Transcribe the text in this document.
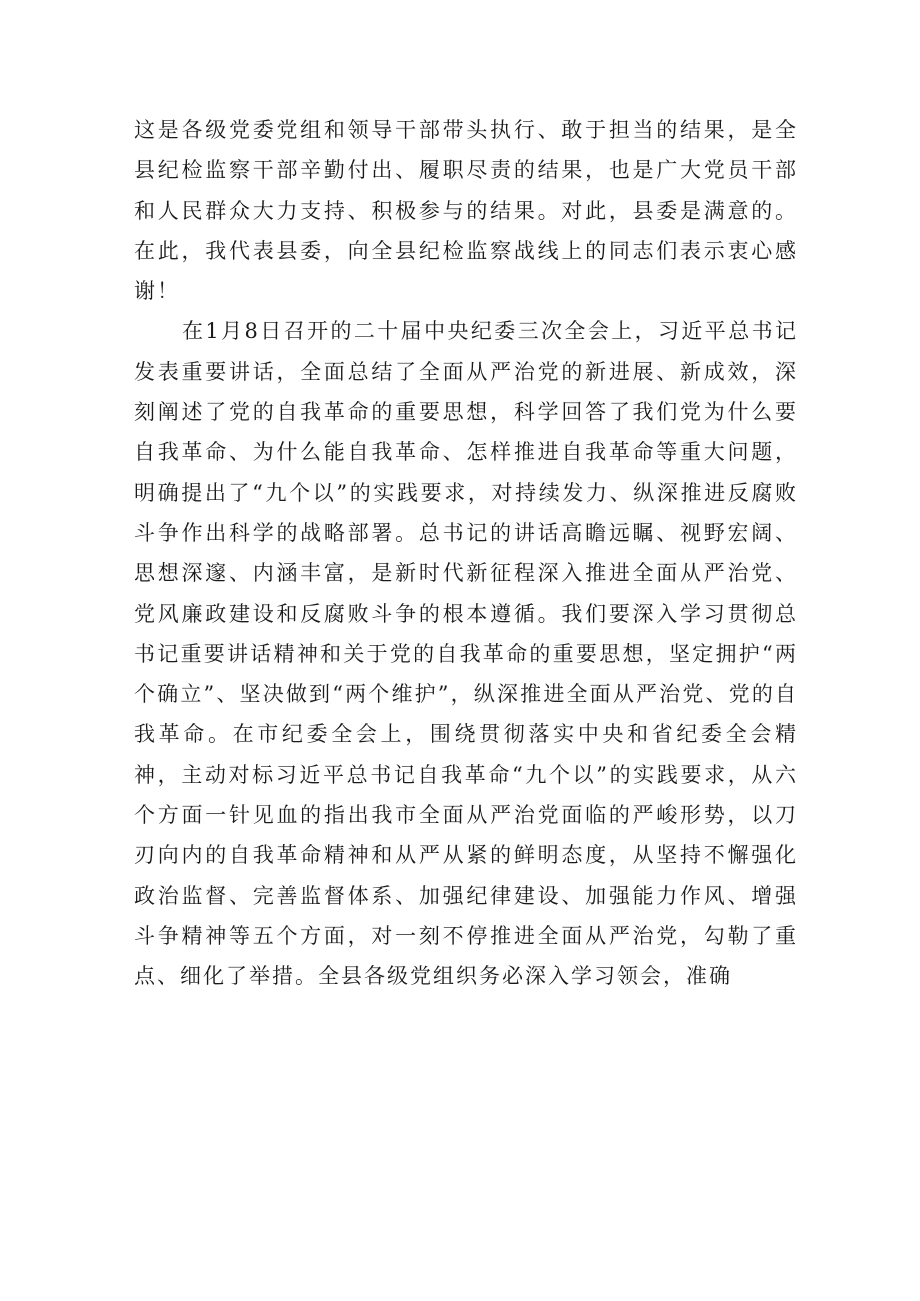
这是各级党委党组和领导干部带头执行、敢于担当的结果，是全县纪检监察干部辛勤付出、履职尽责的结果，也是广大党员干部和人民群众大力支持、积极参与的结果。对此，县委是满意的。在此，我代表县委，向全县纪检监察战线上的同志们表示衷心感谢！

在1月8日召开的二十届中央纪委三次全会上，习近平总书记发表重要讲话，全面总结了全面从严治党的新进展、新成效，深刻阐述了党的自我革命的重要思想，科学回答了我们党为什么要自我革命、为什么能自我革命、怎样推进自我革命等重大问题，明确提出了“九个以”的实践要求，对持续发力、纵深推进反腐败斗争作出科学的战略部署。总书记的讲话高瞻远瞩、视野宏阔、思想深邃、内涵丰富，是新时代新征程深入推进全面从严治党、党风廉政建设和反腐败斗争的根本遵循。我们要深入学习贯彻总书记重要讲话精神和关于党的自我革命的重要思想，坚定拥护“两个确立”、坚决做到“两个维护”，纵深推进全面从严治党、党的自我革命。在市纪委全会上，围绕贯彻落实中央和省纪委全会精神，主动对标习近平总书记自我革命“九个以”的实践要求，从六个方面一针见血的指出我市全面从严治党面临的严峻形势，以刀刃向内的自我革命精神和从严从紧的鲜明态度，从坚持不懈强化政治监督、完善监督体系、加强纪律建设、加强能力作风、增强斗争精神等五个方面，对一刻不停推进全面从严治党，勾勒了重点、细化了举措。全县各级党组织务必深入学习领会，准确
